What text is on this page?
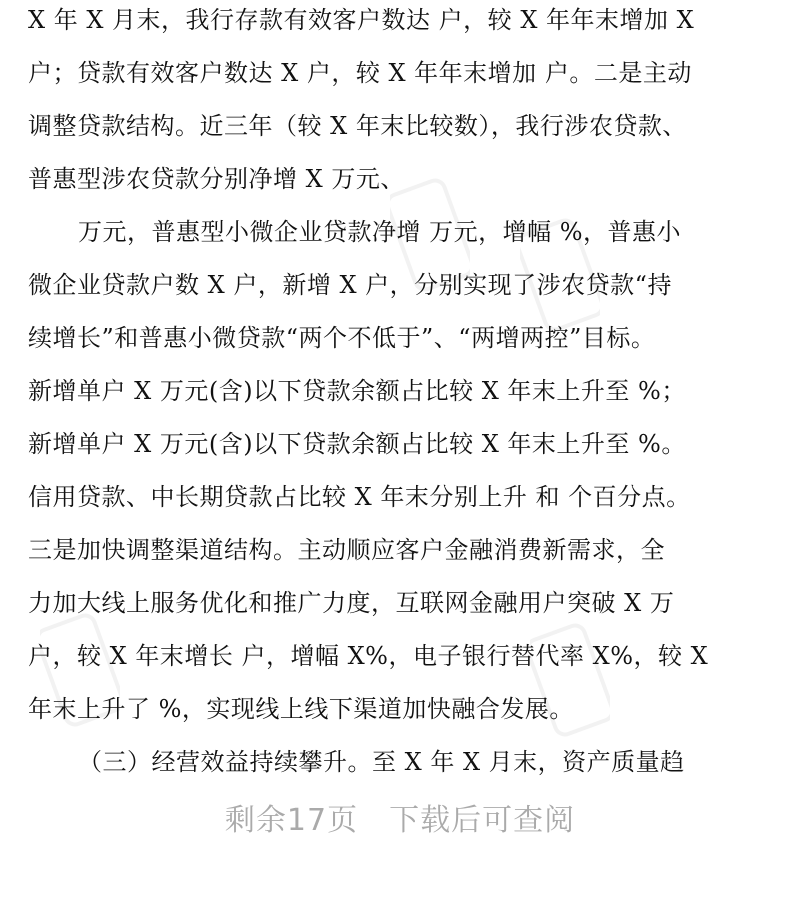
X 年 X 月末，我行存款有效客户数达 户，较 X 年年末增加 X
户；贷款有效客户数达 X 户，较 X 年年末增加 户。二是主动
调整贷款结构。近三年（较 X 年末比较数），我行涉农贷款、
普惠型涉农贷款分别净增 X 万元、
万元，普惠型小微企业贷款净增 万元，增幅 %，普惠小
微企业贷款户数 X 户，新增 X 户，分别实现了涉农贷款“持
续增长”和普惠小微贷款“两个不低于”、“两增两控”目标。
新增单户 X 万元(含)以下贷款余额占比较 X 年末上升至 %；
新增单户 X 万元(含)以下贷款余额占比较 X 年末上升至 %。
信用贷款、中长期贷款占比较 X 年末分别上升 和 个百分点。
三是加快调整渠道结构。主动顺应客户金融消费新需求，全
力加大线上服务优化和推广力度，互联网金融用户突破 X 万
户，较 X 年末增长 户，增幅 X%，电子银行替代率 X%，较 X
年末上升了 %，实现线上线下渠道加快融合发展。
（三）经营效益持续攀升。至 X 年 X 月末，资产质量趋
剩余17页　下载后可查阅
